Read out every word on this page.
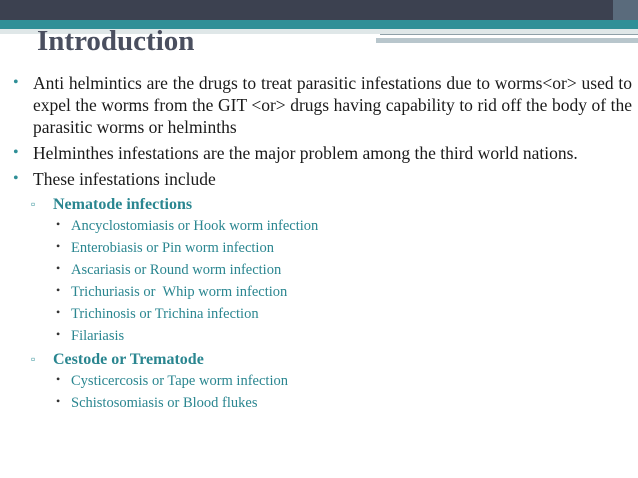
Introduction
• Anti helmintics are the drugs to treat parasitic infestations due to worms<or> used to expel the worms from the GIT <or> drugs having capability to rid off the body of the parasitic worms or helminths
• Helminthes infestations are the major problem among the third world nations.
• These infestations include
▫ Nematode infections
• Ancyclostomiasis or Hook worm infection
• Enterobiasis or Pin worm infection
• Ascariasis or Round worm infection
• Trichuriasis or  Whip worm infection
• Trichinosis or Trichina infection
• Filariasis
▫ Cestode or Trematode
• Cysticercosis or Tape worm infection
• Schistosomiasis or Blood flukes
